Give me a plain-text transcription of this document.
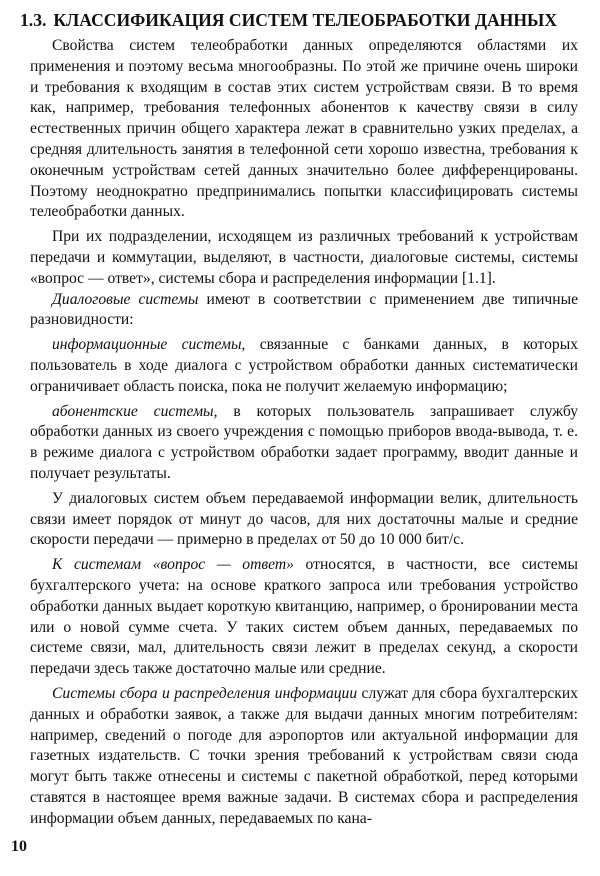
1.3. КЛАССИФИКАЦИЯ СИСТЕМ ТЕЛЕОБРАБОТКИ ДАННЫХ

Свойства систем телеобработки данных определяются областями их применения и поэтому весьма многообразны. По этой же причине очень широки и требования к входящим в состав этих систем устройствам связи. В то время как, например, требования телефонных абонентов к качеству связи в силу естественных причин общего характера лежат в сравнительно узких пределах, а средняя длительность занятия в телефонной сети хорошо известна, требования к оконечным устройствам сетей данных значительно более дифференцированы. Поэтому неоднократно предпринимались попытки классифицировать системы телеобработки данных.

При их подразделении, исходящем из различных требований к устройствам передачи и коммутации, выделяют, в частности, диалоговые системы, системы «вопрос — ответ», системы сбора и распределения информации [1.1].

Диалоговые системы имеют в соответствии с применением две типичные разновидности:

информационные системы, связанные с банками данных, в которых пользователь в ходе диалога с устройством обработки данных систематически ограничивает область поиска, пока не получит желаемую информацию;

абонентские системы, в которых пользователь запрашивает службу обработки данных из своего учреждения с помощью приборов ввода-вывода, т. е. в режиме диалога с устройством обработки задает программу, вводит данные и получает результаты.

У диалоговых систем объем передаваемой информации велик, длительность связи имеет порядок от минут до часов, для них достаточны малые и средние скорости передачи — примерно в пределах от 50 до 10 000 бит/с.

К системам «вопрос — ответ» относятся, в частности, все системы бухгалтерского учета: на основе краткого запроса или требования устройство обработки данных выдает короткую квитанцию, например, о бронировании места или о новой сумме счета. У таких систем объем данных, передаваемых по системе связи, мал, длительность связи лежит в пределах секунд, а скорости передачи здесь также достаточно малые или средние.

Системы сбора и распределения информации служат для сбора бухгалтерских данных и обработки заявок, а также для выдачи данных многим потребителям: например, сведений о погоде для аэропортов или актуальной информации для газетных издательств. С точки зрения требований к устройствам связи сюда могут быть также отнесены и системы с пакетной обработкой, перед которыми ставятся в настоящее время важные задачи. В системах сбора и распределения информации объем данных, передаваемых по кана-

10
